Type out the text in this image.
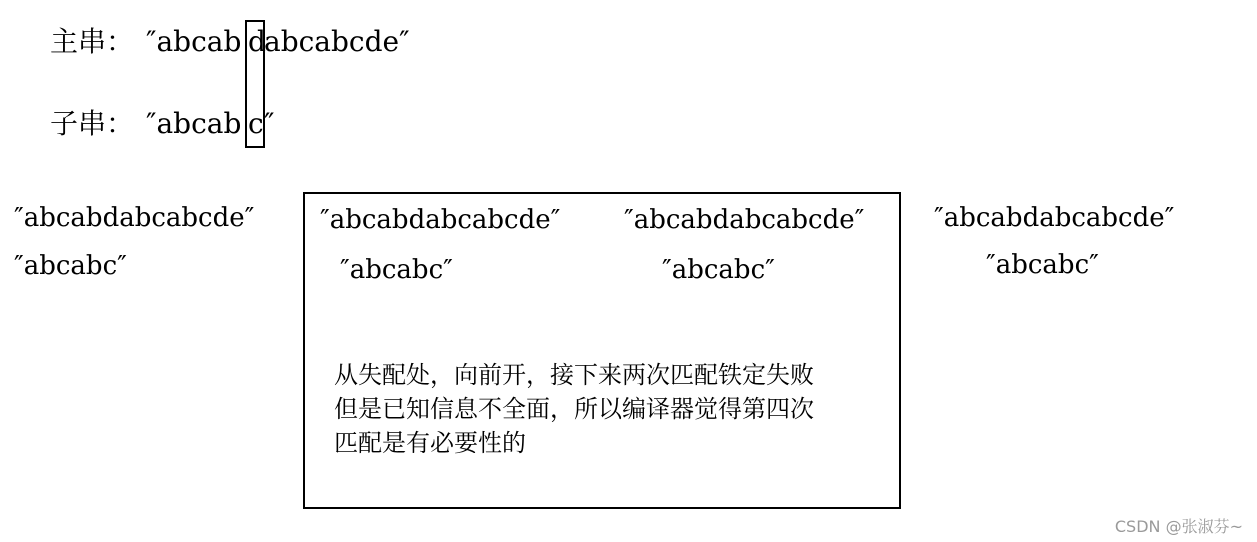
主串： ″abcab d
abcabcde″
子串： ″abcab c ″
″abcabdabcabcde″
″abcabc″
″abcabdabcabcde″
″abcabc″
″abcabdabcabcde″
″abcabc″
″abcabdabcabcde″
″abcabc″
从失配处，向前开，接下来两次匹配铁定失败
但是已知信息不全面，所以编译器觉得第四次
匹配是有必要性的
CSDN @张淑芬~
